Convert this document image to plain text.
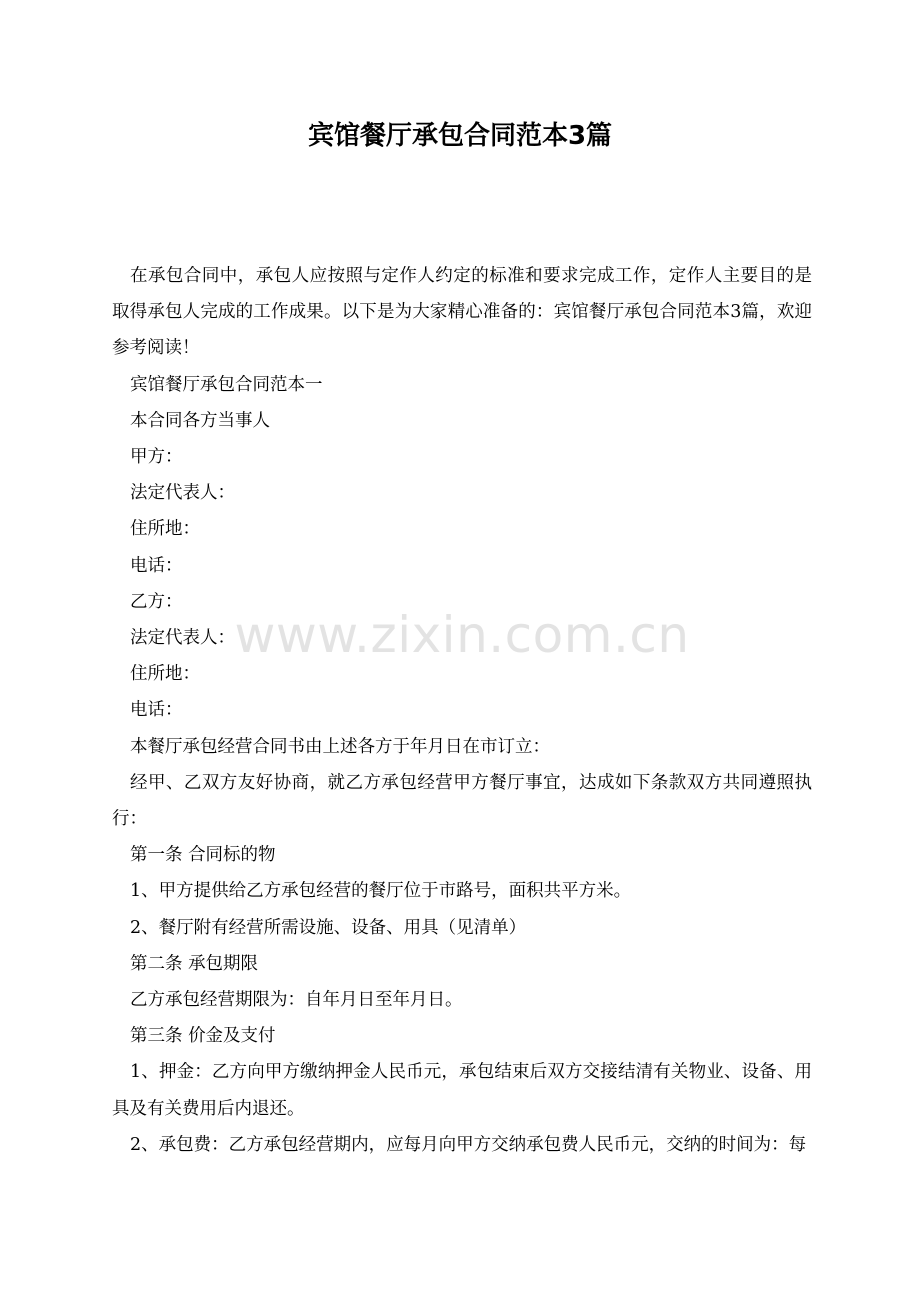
宾馆餐厅承包合同范本3篇

在承包合同中，承包人应按照与定作人约定的标准和要求完成工作，定作人主要目的是取得承包人完成的工作成果。以下是为大家精心准备的：宾馆餐厅承包合同范本3篇，欢迎参考阅读！

宾馆餐厅承包合同范本一

本合同各方当事人

甲方：

法定代表人：

住所地：

电话：

乙方：

法定代表人：

住所地：

电话：

本餐厅承包经营合同书由上述各方于年月日在市订立：

经甲、乙双方友好协商，就乙方承包经营甲方餐厅事宜，达成如下条款双方共同遵照执行：

第一条 合同标的物

1、甲方提供给乙方承包经营的餐厅位于市路号，面积共平方米。

2、餐厅附有经营所需设施、设备、用具（见清单）

第二条 承包期限

乙方承包经营期限为：自年月日至年月日。

第三条 价金及支付

1、押金：乙方向甲方缴纳押金人民币元，承包结束后双方交接结清有关物业、设备、用具及有关费用后内退还。

2、承包费：乙方承包经营期内，应每月向甲方交纳承包费人民币元，交纳的时间为：每

www.zixin.com.cn
